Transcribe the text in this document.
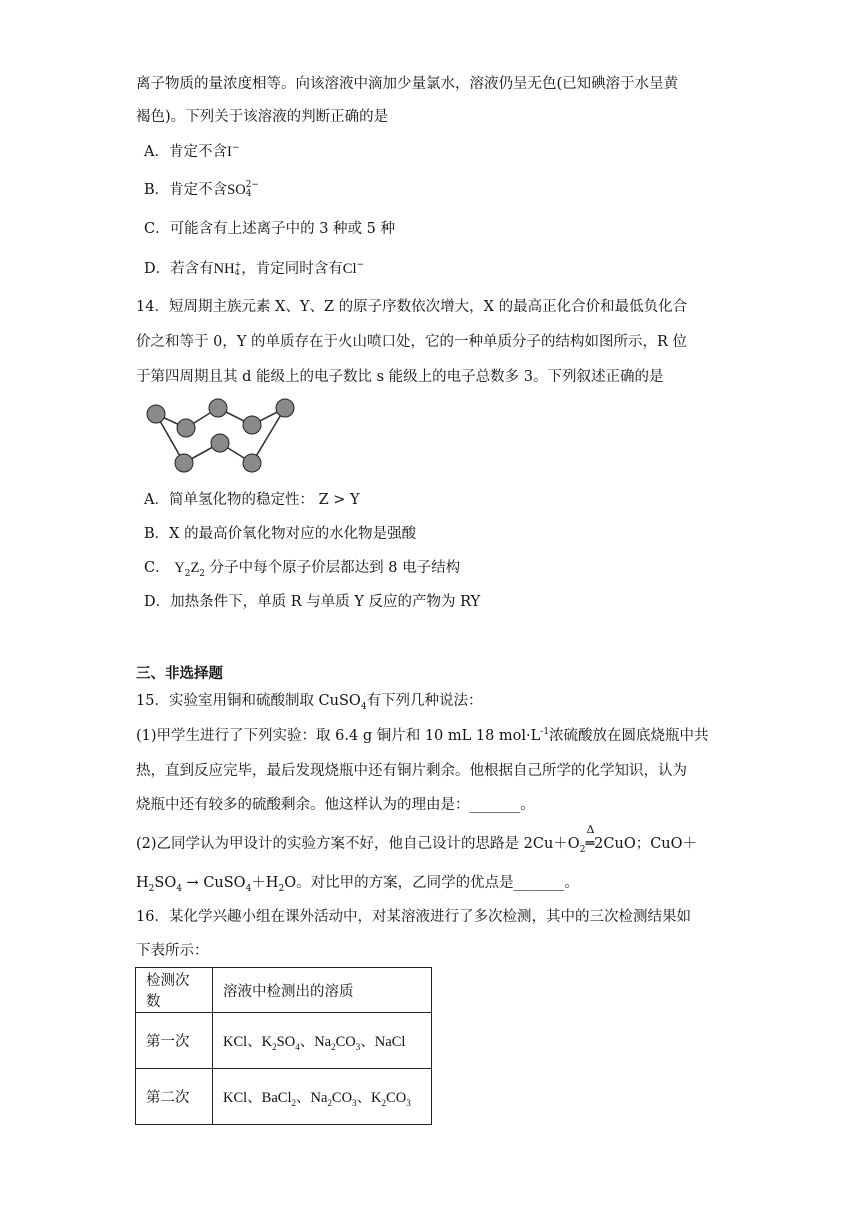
离子物质的量浓度相等。向该溶液中滴加少量氯水，溶液仍呈无色(已知碘溶于水呈黄
褐色)。下列关于该溶液的判断正确的是
A．肯定不含I−
B．肯定不含SO 2−
4
C．可能含有上述离子中的 3 种或 5 种
D．若含有NH +
4 ，肯定同时含有Cl−
14．短周期主族元素 X、Y、Z 的原子序数依次增大，X 的最高正化合价和最低负化合
价之和等于 0，Y 的单质存在于火山喷口处，它的一种单质分子的结构如图所示，R 位
于第四周期且其 d 能级上的电子数比 s 能级上的电子总数多 3。下列叙述正确的是
A．简单氢化物的稳定性： Z > Y
B．X 的最高价氧化物对应的水化物是强酸
C． $Y_2Z_2$ 分子中每个原子价层都达到 8 电子结构
D．加热条件下，单质 R 与单质 Y 反应的产物为 RY
三、非选择题
15．实验室用铜和硫酸制取 CuSO$_4$有下列几种说法：
(1)甲学生进行了下列实验：取 6.4 g 铜片和 10 mL 18 $mol\cdot L^{-1}$浓硫酸放在圆底烧瓶中共
热，直到反应完毕，最后发现烧瓶中还有铜片剩余。他根据自己所学的化学知识，认为
烧瓶中还有较多的硫酸剩余。他这样认为的理由是：_______。
(2)乙同学认为甲设计的实验方案不好，他自己设计的思路是 $2Cu+O_2$
Δ
═2CuO；CuO＋
$H_2SO_4$ → $CuSO_4+H_2O$。对比甲的方案，乙同学的优点是_______。
16．某化学兴趣小组在课外活动中，对某溶液进行了多次检测，其中的三次检测结果如
下表所示：
检测次数	溶液中检测出的溶质
第一次	KCl、$K_2SO_4$、$Na_2CO_3$、NaCl
第二次	KCl、BaCl$_2$、$Na_2CO_3$、$K_2CO_3$
